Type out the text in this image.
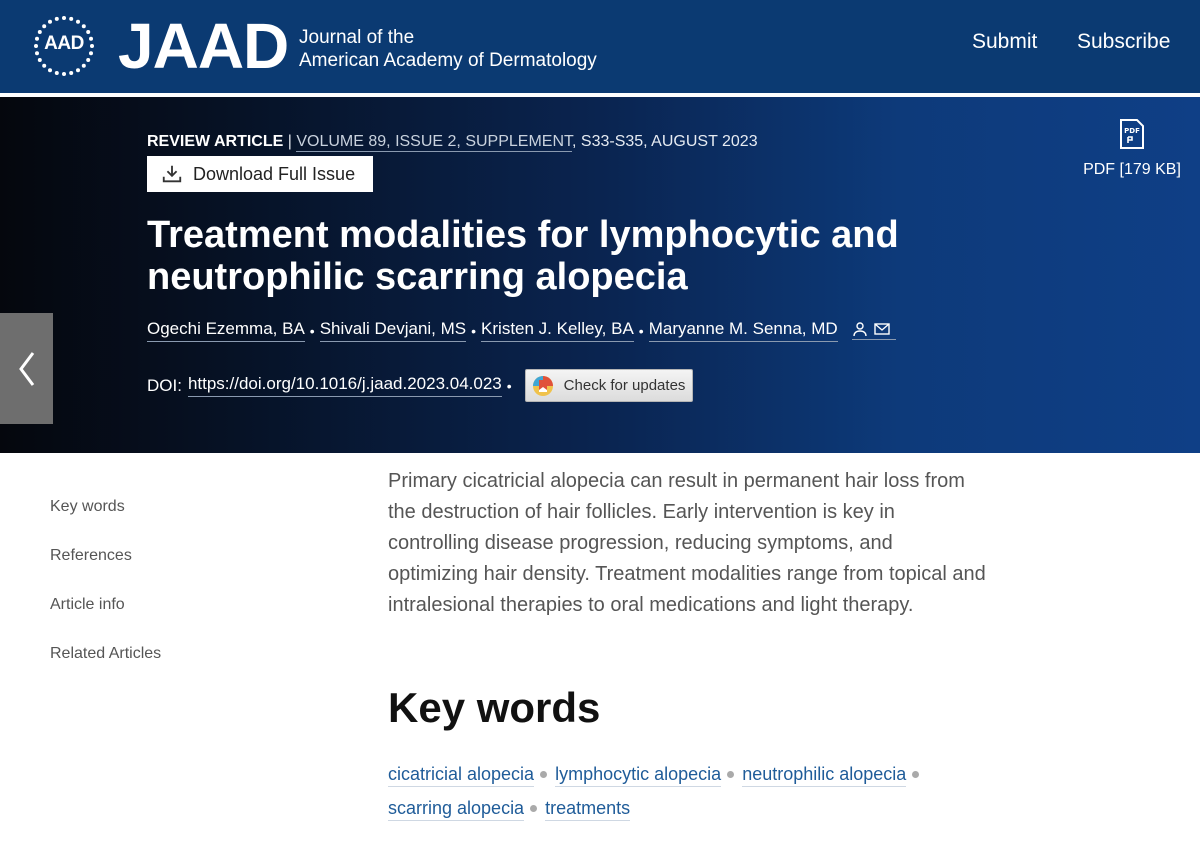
AAD JAAD Journal of the
American Academy of Dermatology
Submit Subscribe
REVIEW ARTICLE | VOLUME 89, ISSUE 2, SUPPLEMENT, S33-S35, AUGUST 2023
Download Full Issue
Treatment modalities for lymphocytic and neutrophilic scarring alopecia
Ogechi Ezemma, BA • Shivali Devjani, MS • Kristen J. Kelley, BA • Maryanne M. Senna, MD
DOI: https://doi.org/10.1016/j.jaad.2023.04.023 •	Check for updates
PDF
PDF [179 KB]
Key words
References
Article info
Related Articles

Primary cicatricial alopecia can result in permanent hair loss from the destruction of hair follicles. Early intervention is key in controlling disease progression, reducing symptoms, and optimizing hair density. Treatment modalities range from topical and intralesional therapies to oral medications and light therapy.

Key words
cicatricial alopecia lymphocytic alopecia neutrophilic alopecia
scarring alopecia treatments
